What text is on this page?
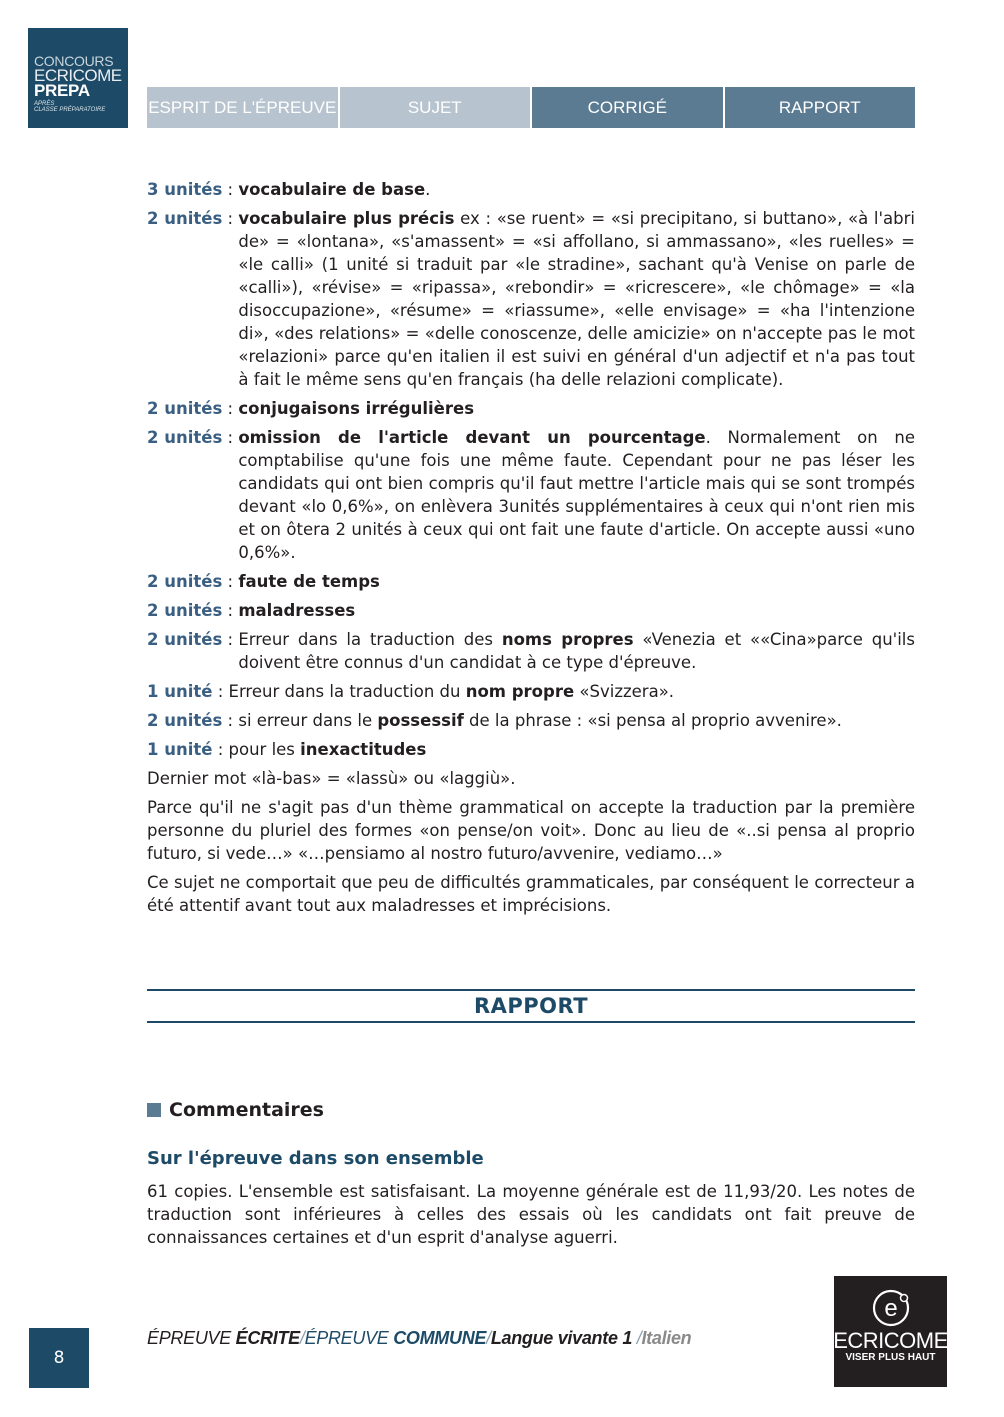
CONCOURS
ECRICOME
PREPA
APRÈS
CLASSE PRÉPARATOIRE	ESPRIT DE L'ÉPREUVE	SUJET	CORRIGÉ	RAPPORT
3 unités : vocabulaire de base.
2 unités : vocabulaire plus précis ex : «se ruent» = «si precipitano, si buttano», «à l'abri de» = «lontana», «s'amassent» = «si affollano, si ammassano», «les ruelles» = «le calli» (1 unité si traduit par «le stradine», sachant qu'à Venise on parle de «calli»), «révise» = «ripassa», «rebondir» = «ricrescere», «le chômage» = «la disoccupazione», «résume» = «riassume», «elle envisage» = «ha l'intenzione di», «des relations» = «delle conoscenze, delle amicizie» on n'accepte pas le mot «relazioni» parce qu'en italien il est suivi en général d'un adjectif et n'a pas tout à fait le même sens qu'en français (ha delle relazioni complicate).
2 unités : conjugaisons irrégulières
2 unités : omission de l'article devant un pourcentage. Normalement on ne comptabilise qu'une fois une même faute. Cependant pour ne pas léser les candidats qui ont bien compris qu'il faut mettre l'article mais qui se sont trompés devant «lo 0,6%», on enlèvera 3unités supplémentaires à ceux qui n'ont rien mis et on ôtera 2 unités à ceux qui ont fait une faute d'article. On accepte aussi «uno 0,6%».
2 unités : faute de temps
2 unités : maladresses
2 unités : Erreur dans la traduction des noms propres «Venezia et ««Cina»parce qu'ils doivent être connus d'un candidat à ce type d'épreuve.
1 unité : Erreur dans la traduction du nom propre «Svizzera».
2 unités : si erreur dans le possessif de la phrase : «si pensa al proprio avvenire».
1 unité : pour les inexactitudes

Dernier mot «là-bas» = «lassù» ou «laggiù».

Parce qu'il ne s'agit pas d'un thème grammatical on accepte la traduction par la première personne du pluriel des formes «on pense/on voit». Donc au lieu de «..si pensa al proprio futuro, si vede…» «…pensiamo al nostro futuro/avvenire, vediamo…»

Ce sujet ne comportait que peu de difficultés grammaticales, par conséquent le correcteur a été attentif avant tout aux maladresses et imprécisions.

RAPPORT
Commentaires
Sur l'épreuve dans son ensemble
61 copies. L'ensemble est satisfaisant. La moyenne générale est de 11,93/20. Les notes de traduction sont inférieures à celles des essais où les candidats ont fait preuve de connaissances certaines et d'un esprit d'analyse aguerri.
8
ÉPREUVE ÉCRITE/ÉPREUVE COMMUNE/Langue vivante 1 /Italien
e
ECRICOME
VISER PLUS HAUT
